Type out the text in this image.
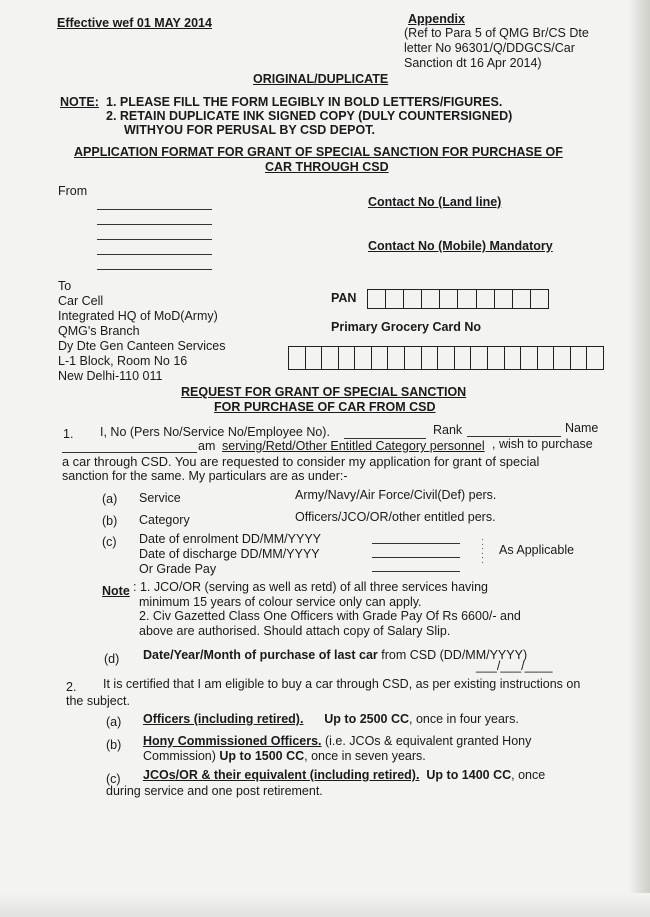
Effective wef 01 MAY 2014	Appendix
(Ref to Para 5 of QMG Br/CS Dte
letter No 96301/Q/DDGCS/Car
Sanction dt 16 Apr 2014)
ORIGINAL/DUPLICATE
NOTE: 1. PLEASE FILL THE FORM LEGIBLY IN BOLD LETTERS/FIGURES.
2. RETAIN DUPLICATE INK SIGNED COPY (DULY COUNTERSIGNED)
WITHYOU FOR PERUSAL BY CSD DEPOT.
APPLICATION FORMAT FOR GRANT OF SPECIAL SANCTION FOR PURCHASE OF
CAR THROUGH CSD
From
Contact No (Land line)
Contact No (Mobile) Mandatory
To
Car Cell
Integrated HQ of MoD(Army)
QMG's Branch
Dy Dte Gen Canteen Services
L-1 Block, Room No 16
New Delhi-110 011
PAN
Primary Grocery Card No
REQUEST FOR GRANT OF SPECIAL SANCTION
FOR PURCHASE OF CAR FROM CSD
1. I, No (Pers No/Service No/Employee No).	Rank	Name
am serving/Retd/Other Entitled Category personnel , wish to purchase
a car through CSD. You are requested to consider my application for grant of special
sanction for the same. My particulars are as under:-
(a) Service	Army/Navy/Air Force/Civil(Def) pers.
(b) Category	Officers/JCO/OR/other entitled pers.
(c) Date of enrolment DD/MM/YYYY
Date of discharge DD/MM/YYYY
Or Grade Pay
:
:
:
As Applicable
Note : 1. JCO/OR (serving as well as retd) of all three services having
minimum 15 years of colour service only can apply.
2. Civ Gazetted Class One Officers with Grade Pay Of Rs 6600/- and
above are authorised. Should attach copy of Salary Slip.
(d) Date/Year/Month of purchase of last car from CSD (DD/MM/YYYY)
___/___/____
2. It is certified that I am eligible to buy a car through CSD, as per existing instructions on
the subject.
(a) Officers (including retired). Up to 2500 CC, once in four years.
(b) Hony Commissioned Officers. (i.e. JCOs & equivalent granted Hony
Commission) Up to 1500 CC, once in seven years.
(c) JCOs/OR & their equivalent (including retired). Up to 1400 CC, once
during service and one post retirement.
